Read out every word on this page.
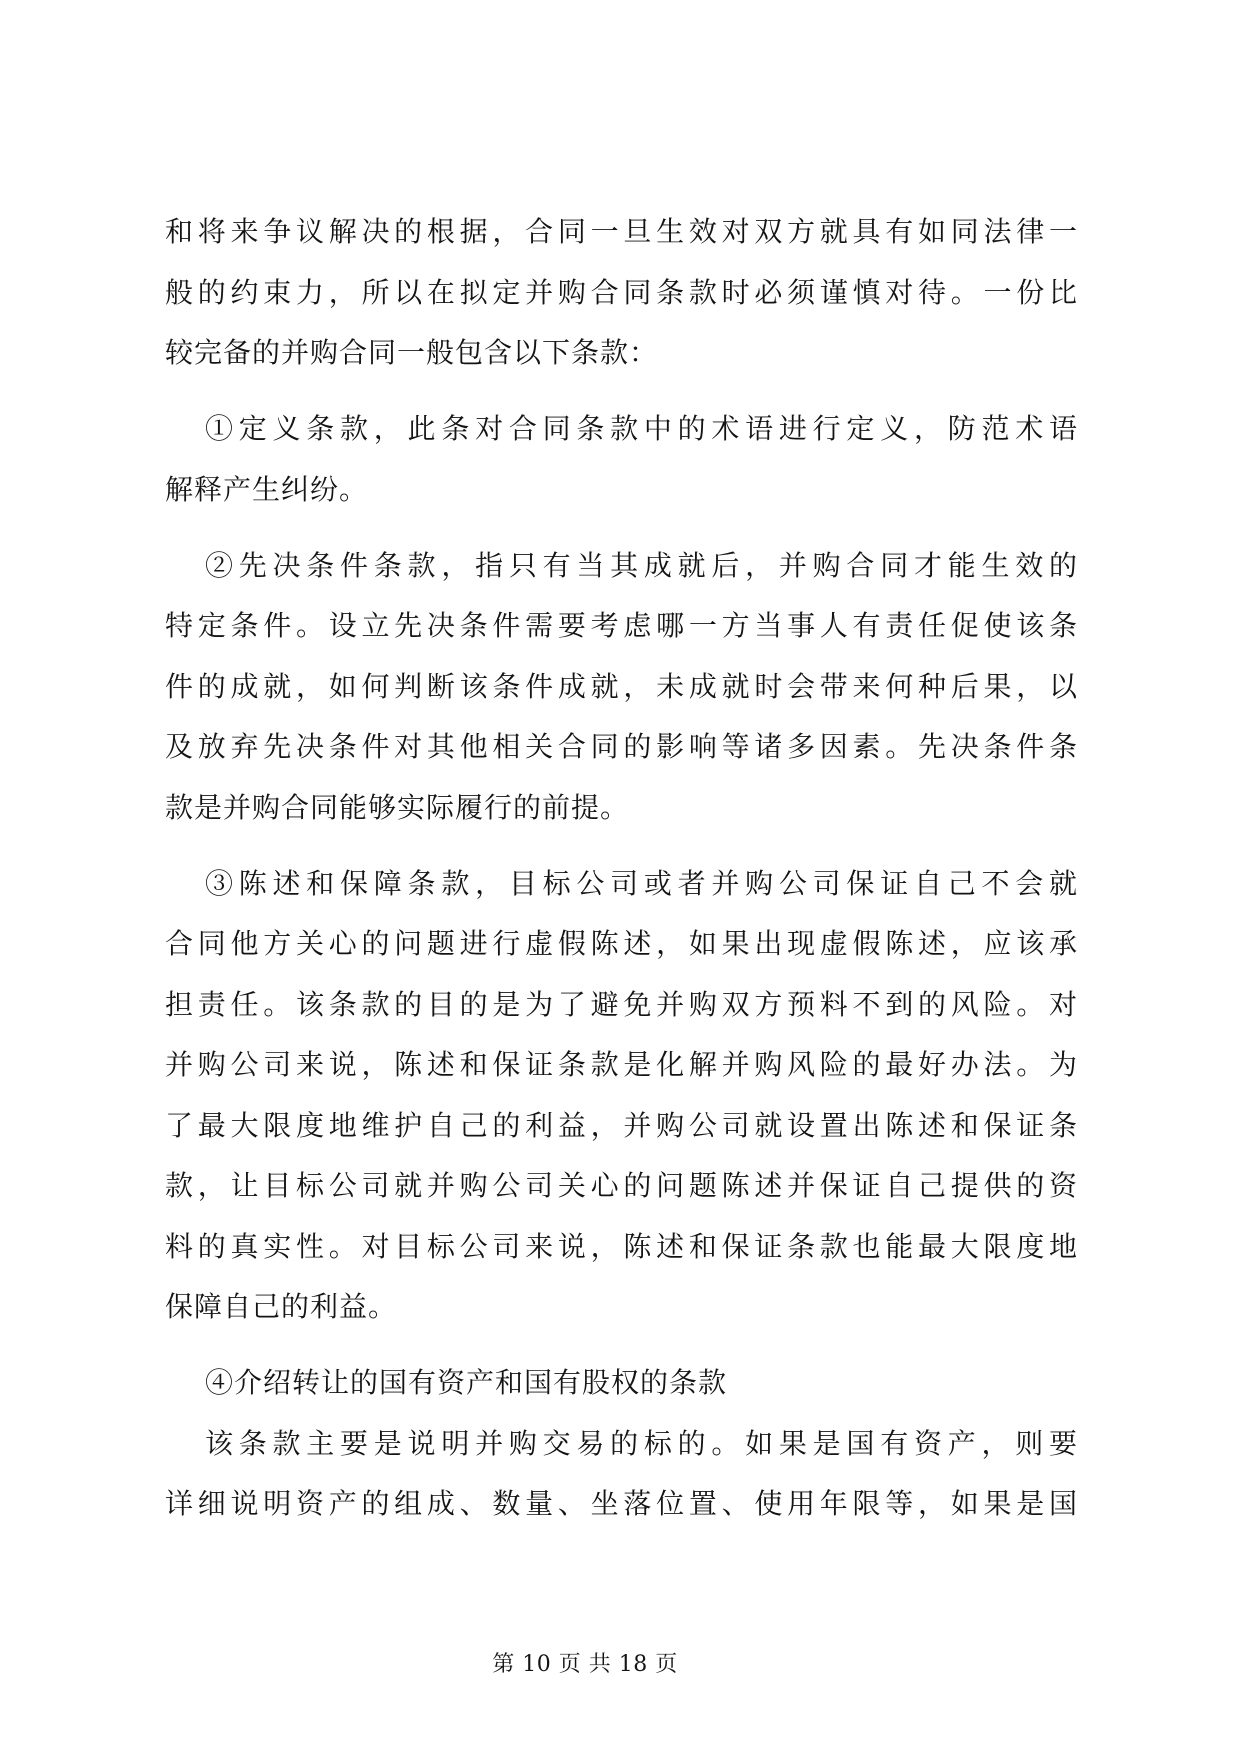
和将来争议解决的根据，合同一旦生效对双方就具有如同法律一
般的约束力，所以在拟定并购合同条款时必须谨慎对待。一份比
较完备的并购合同一般包含以下条款：
①定义条款，此条对合同条款中的术语进行定义，防范术语
解释产生纠纷。
②先决条件条款，指只有当其成就后，并购合同才能生效的
特定条件。设立先决条件需要考虑哪一方当事人有责任促使该条
件的成就，如何判断该条件成就，未成就时会带来何种后果，以
及放弃先决条件对其他相关合同的影响等诸多因素。先决条件条
款是并购合同能够实际履行的前提。
③陈述和保障条款，目标公司或者并购公司保证自己不会就
合同他方关心的问题进行虚假陈述，如果出现虚假陈述，应该承
担责任。该条款的目的是为了避免并购双方预料不到的风险。对
并购公司来说，陈述和保证条款是化解并购风险的最好办法。为
了最大限度地维护自己的利益，并购公司就设置出陈述和保证条
款，让目标公司就并购公司关心的问题陈述并保证自己提供的资
料的真实性。对目标公司来说，陈述和保证条款也能最大限度地
保障自己的利益。
④介绍转让的国有资产和国有股权的条款
该条款主要是说明并购交易的标的。如果是国有资产，则要
详细说明资产的组成、数量、坐落位置、使用年限等，如果是国
第 10 页 共 18 页
